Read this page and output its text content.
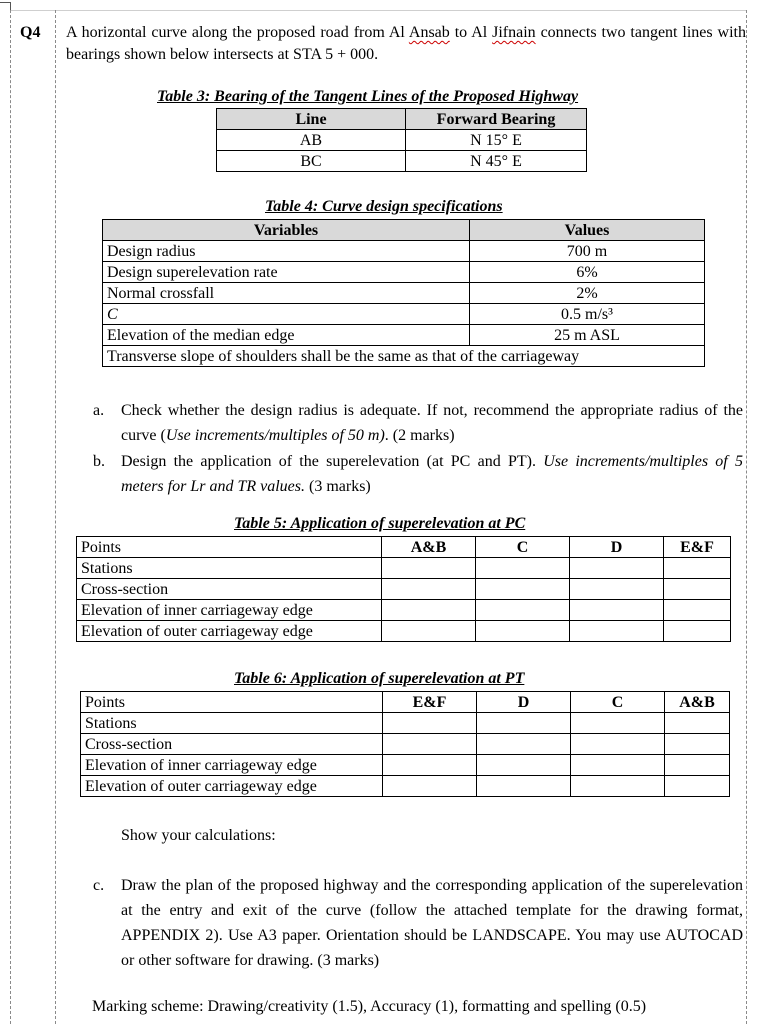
Q4 A horizontal curve along the proposed road from Al Ansab to Al Jifnain connects two tangent lines with bearings shown below intersects at STA 5 + 000.
Table 3: Bearing of the Tangent Lines of the Proposed Highway
Line	Forward Bearing
AB	N 15° E
BC	N 45° E
Table 4: Curve design specifications
Variables	Values
Design radius	700 m
Design superelevation rate	6%
Normal crossfall	2%
C	0.5 m/s³
Elevation of the median edge	25 m ASL
Transverse slope of shoulders shall be the same as that of the carriageway	
a. Check whether the design radius is adequate. If not, recommend the appropriate radius of the curve (Use increments/multiples of 50 m). (2 marks)
b. Design the application of the superelevation (at PC and PT). Use increments/multiples of 5 meters for Lr and TR values. (3 marks)
Table 5: Application of superelevation at PC
Points	A&B	C	D	E&F
Stations				
Cross-section				
Elevation of inner carriageway edge				
Elevation of outer carriageway edge				
Table 6: Application of superelevation at PT
Points	E&F	D	C	A&B
Stations				
Cross-section				
Elevation of inner carriageway edge				
Elevation of outer carriageway edge				
Show your calculations:
c. Draw the plan of the proposed highway and the corresponding application of the superelevation at the entry and exit of the curve (follow the attached template for the drawing format, APPENDIX 2). Use A3 paper. Orientation should be LANDSCAPE. You may use AUTOCAD or other software for drawing. (3 marks)
Marking scheme: Drawing/creativity (1.5), Accuracy (1), formatting and spelling (0.5)
